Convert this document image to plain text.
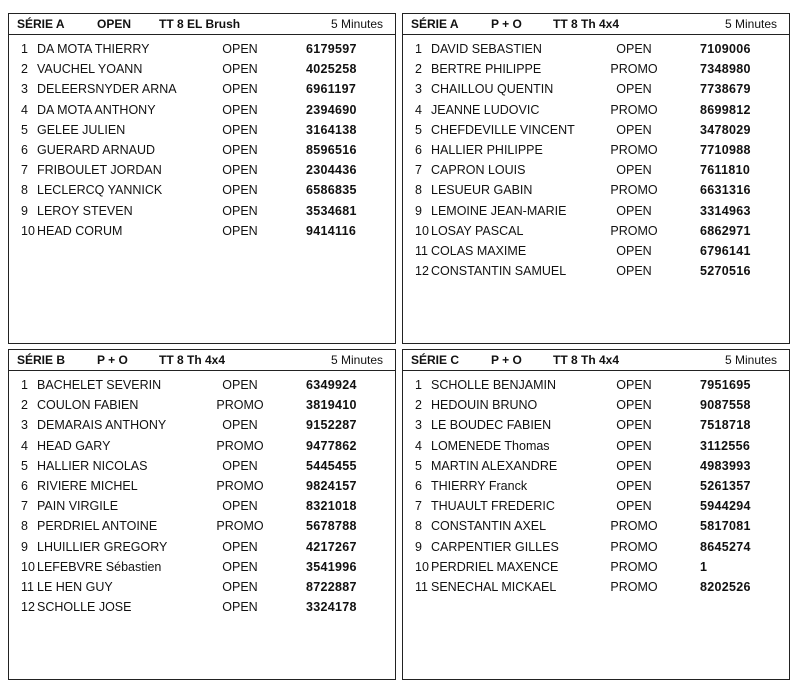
SÉRIE A	OPEN TT 8 EL Brush	5 Minutes
1 DA MOTA THIERRY	OPEN	6179597
2 VAUCHEL YOANN	OPEN	4025258
3 DELEERSNYDER ARNA	OPEN	6961197
4 DA MOTA ANTHONY	OPEN	2394690
5 GELEE JULIEN	OPEN	3164138
6 GUERARD ARNAUD	OPEN	8596516
7 FRIBOULET JORDAN	OPEN	2304436
8 LECLERCQ YANNICK	OPEN	6586835
9 LEROY STEVEN	OPEN	3534681
10 HEAD CORUM	OPEN	9414116
SÉRIE A	P + O	TT 8 Th 4x4	5 Minutes
1 DAVID SEBASTIEN	OPEN	7109006
2 BERTRE PHILIPPE	PROMO	7348980
3 CHAILLOU QUENTIN	OPEN	7738679
4 JEANNE LUDOVIC	PROMO	8699812
5 CHEFDEVILLE VINCENT	OPEN	3478029
6 HALLIER PHILIPPE	PROMO	7710988
7 CAPRON LOUIS	OPEN	7611810
8 LESUEUR GABIN	PROMO	6631316
9 LEMOINE JEAN-MARIE	OPEN	3314963
10 LOSAY PASCAL	PROMO	6862971
11 COLAS MAXIME	OPEN	6796141
12 CONSTANTIN SAMUEL	OPEN	5270516
SÉRIE B	P + O	TT 8 Th 4x4	5 Minutes
1 BACHELET SEVERIN	OPEN	6349924
2 COULON FABIEN	PROMO	3819410
3 DEMARAIS ANTHONY	OPEN	9152287
4 HEAD GARY	PROMO	9477862
5 HALLIER NICOLAS	OPEN	5445455
6 RIVIERE MICHEL	PROMO	9824157
7 PAIN VIRGILE	OPEN	8321018
8 PERDRIEL ANTOINE	PROMO	5678788
9 LHUILLIER GREGORY	OPEN	4217267
10 LEFEBVRE Sébastien	OPEN	3541996
11 LE HEN GUY	OPEN	8722887
12 SCHOLLE JOSE	OPEN	3324178
SÉRIE C	P + O	TT 8 Th 4x4	5 Minutes
1 SCHOLLE BENJAMIN	OPEN	7951695
2 HEDOUIN BRUNO	OPEN	9087558
3 LE BOUDEC FABIEN	OPEN	7518718
4 LOMENEDE Thomas	OPEN	3112556
5 MARTIN ALEXANDRE	OPEN	4983993
6 THIERRY Franck	OPEN	5261357
7 THUAULT FREDERIC	OPEN	5944294
8 CONSTANTIN AXEL	PROMO	5817081
9 CARPENTIER GILLES	PROMO	8645274
10 PERDRIEL MAXENCE	PROMO	1
11 SENECHAL MICKAEL	PROMO	8202526
